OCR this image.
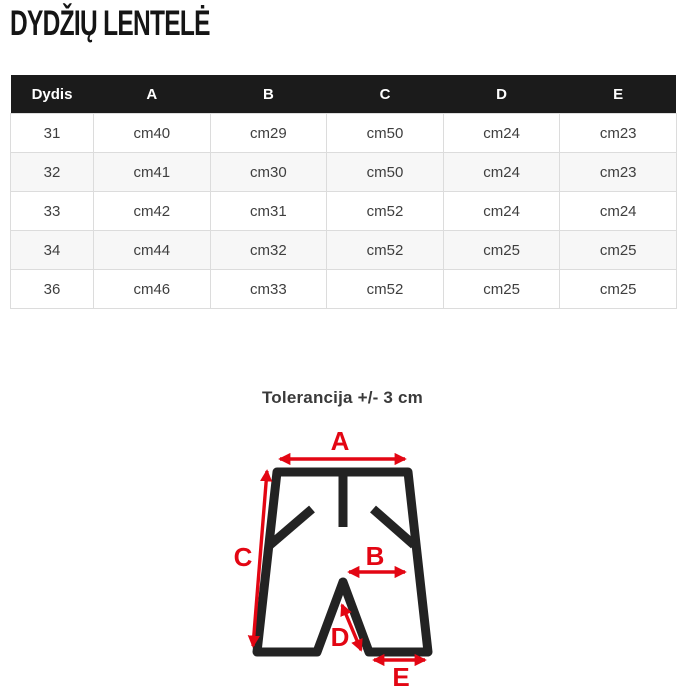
DYDŽIŲ LENTELĖ
Dydis	A	B	C	D	E
31	cm40	cm29	cm50	cm24	cm23
32	cm41	cm30	cm50	cm24	cm23
33	cm42	cm31	cm52	cm24	cm24
34	cm44	cm32	cm52	cm25	cm25
36	cm46	cm33	cm52	cm25	cm25
Tolerancija +/- 3 cm
A
C	B
D
E
